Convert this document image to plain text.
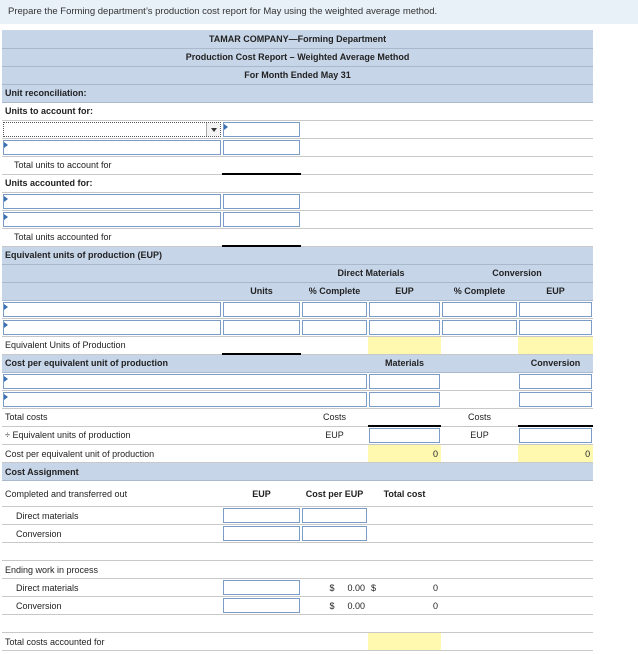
Prepare the Forming department’s production cost report for May using the weighted average method.
TAMAR COMPANY—Forming Department					
Production Cost Report – Weighted Average Method					
For Month Ended May 31					
Unit reconciliation:					
Units to account for:					

Total units to account for					
Units accounted for:					

Total units accounted for					
Equivalent units of production (EUP)					
		Direct Materials		Conversion	
	Units	% Complete	EUP	% Complete	EUP

Equivalent Units of Production					
Cost per equivalent unit of production			Materials		Conversion

Total costs		Costs		Costs	
÷ Equivalent units of production		EUP		EUP	

Cost per equivalent unit of production			0		0
Cost Assignment					
Completed and transferred out	EUP	Cost per EUP	Total cost		
Direct materials	

Conversion	

Ending work in process					
Direct materials		$ 0.00	$ 0		
Conversion		$ 0.00	0		

Total costs accounted for					
